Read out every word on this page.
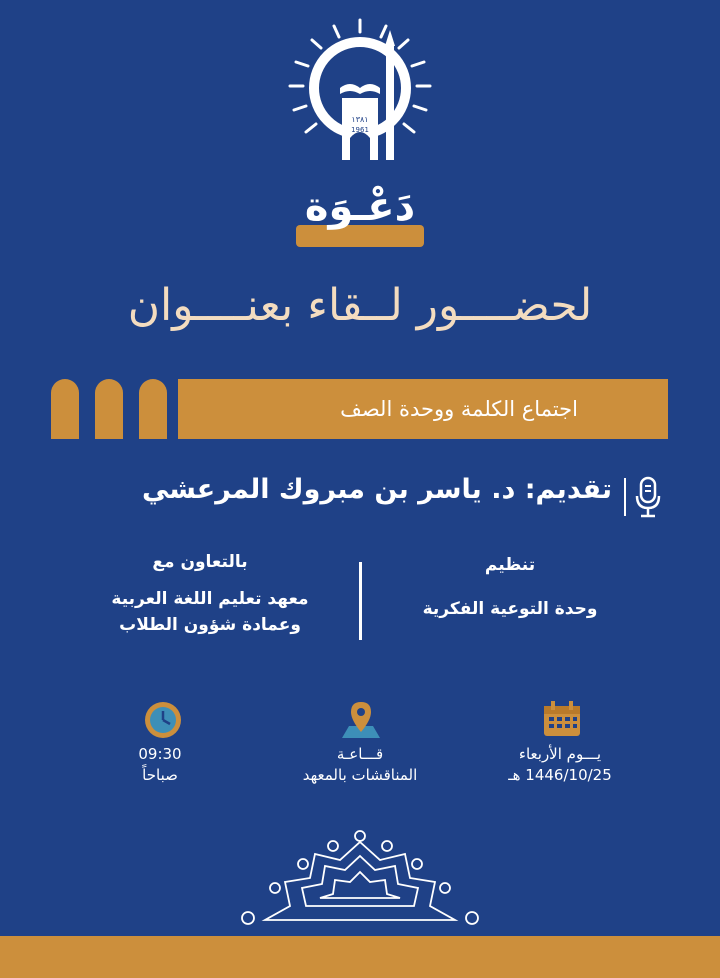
١٣٨١
1961
دَعْـوَة
لحضــــور لــقاء بعنــــوان
اجتماع الكلمة ووحدة الصف
تقديم: د. ياسر بن مبروك المرعشي
تنظيم
وحدة التوعية الفكرية
بالتعاون مع
معهد تعليم اللغة العربية
وعمادة شؤون الطلاب
يـــوم الأربعاء
1446/10/25 هـ
قـــاعـة
المناقشات بالمعهد
09:30
صباحاً
